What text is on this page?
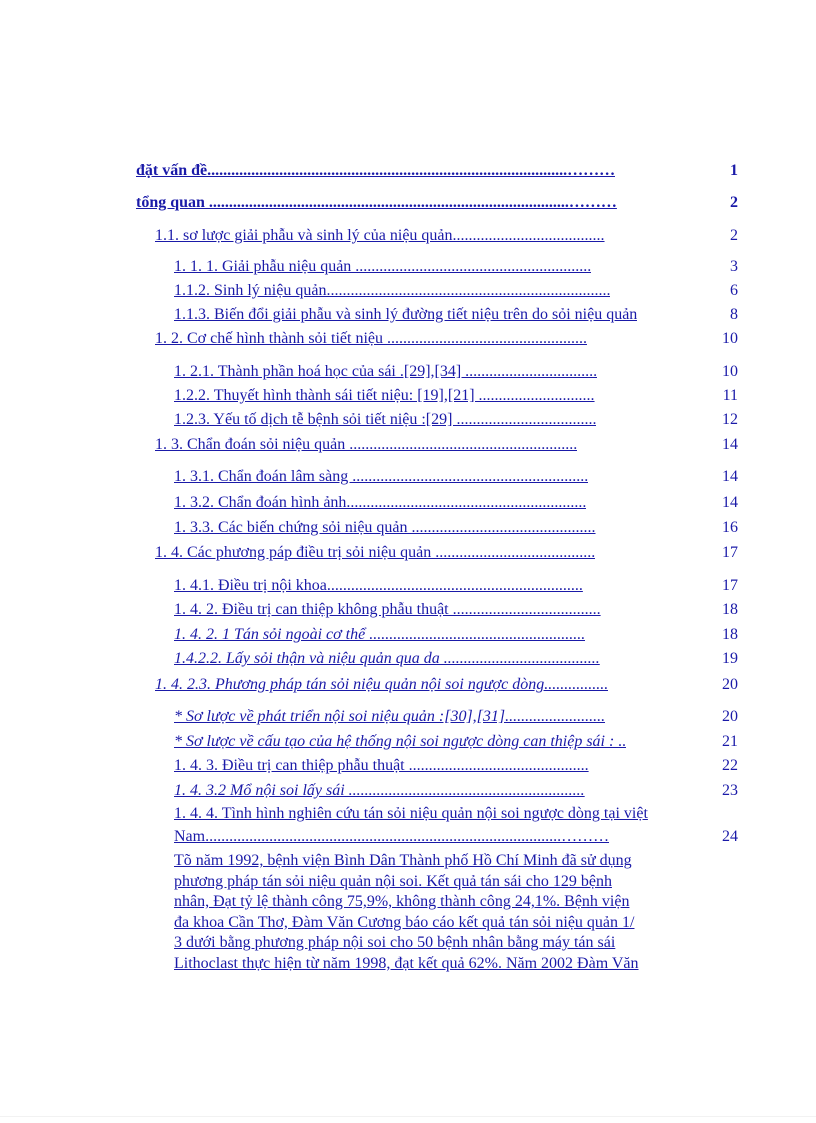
đặt vấn đề..........................................................................................………	1
tổng quan ..........................................................................................………	2
1.1. sơ lược giải phẫu và sinh lý của niệu quản......................................	2
1. 1. 1. Giải phẫu niệu quản ...........................................................	3
1.1.2. Sinh lý niệu quản.......................................................................	6
1.1.3. Biến đổi giải phẫu và sinh lý đường tiết niệu trên do sỏi niệu quản	8
1. 2. Cơ chế hình thành sỏi tiết niệu ..................................................	10
1. 2.1. Thành phần hoá học của sái .[29],[34] .................................	10
1.2.2. Thuyết hình thành sái tiết niệu: [19],[21] .............................	11
1.2.3. Yếu tố dịch tễ bệnh sỏi tiết niệu :[29] ...................................	12
1. 3. Chẩn đoán sỏi niệu quản .........................................................	14
1. 3.1. Chẩn đoán lâm sàng ...........................................................	14
1. 3.2. Chẩn đoán hình ảnh............................................................	14
1. 3.3. Các biến chứng sỏi niệu quản ..............................................	16
1. 4. Các phương páp điều trị sỏi niệu quản ........................................	17
1. 4.1. Điều trị nội khoa................................................................	17
1. 4. 2. Điều trị can thiệp không phẫu thuật .....................................	18
1. 4. 2. 1 Tán sỏi ngoài cơ thể ......................................................	18
1.4.2.2. Lấy sỏi thận và niệu quản qua da .......................................	19
1. 4. 2.3. Phương pháp tán sỏi niệu quản nội soi ngược dòng................	20
* Sơ lược về phát triển nội soi niệu quản :[30],[31].........................	20
* Sơ lược về cấu tạo của hệ thống nội soi ngược dòng can thiệp sái : ..	21
1. 4. 3. Điều trị can thiệp phẫu thuật .............................................	22
1. 4. 3.2 Mổ nội soi lấy sái ...........................................................	23
1. 4. 4. Tình hình nghiên cứu tán sỏi niệu quản nội soi ngược dòng tại việt
Nam.........................................................................................………	24
Tõ năm 1992, bệnh viện Bình Dân Thành phố Hồ Chí Minh đã sử dụng
phương pháp tán sỏi niệu quản nội soi. Kết quả tán sái cho 129 bệnh
nhân, Đạt tỷ lệ thành công 75,9%, không thành công 24,1%. Bệnh viện
đa khoa Cần Thơ, Đàm Văn Cương báo cáo kết quả tán sỏi niệu quản 1/
3 dưới bằng phương pháp nội soi cho 50 bệnh nhân bằng máy tán sái
Lithoclast thực hiện từ năm 1998, đạt kết quả 62%. Năm 2002 Đàm Văn
